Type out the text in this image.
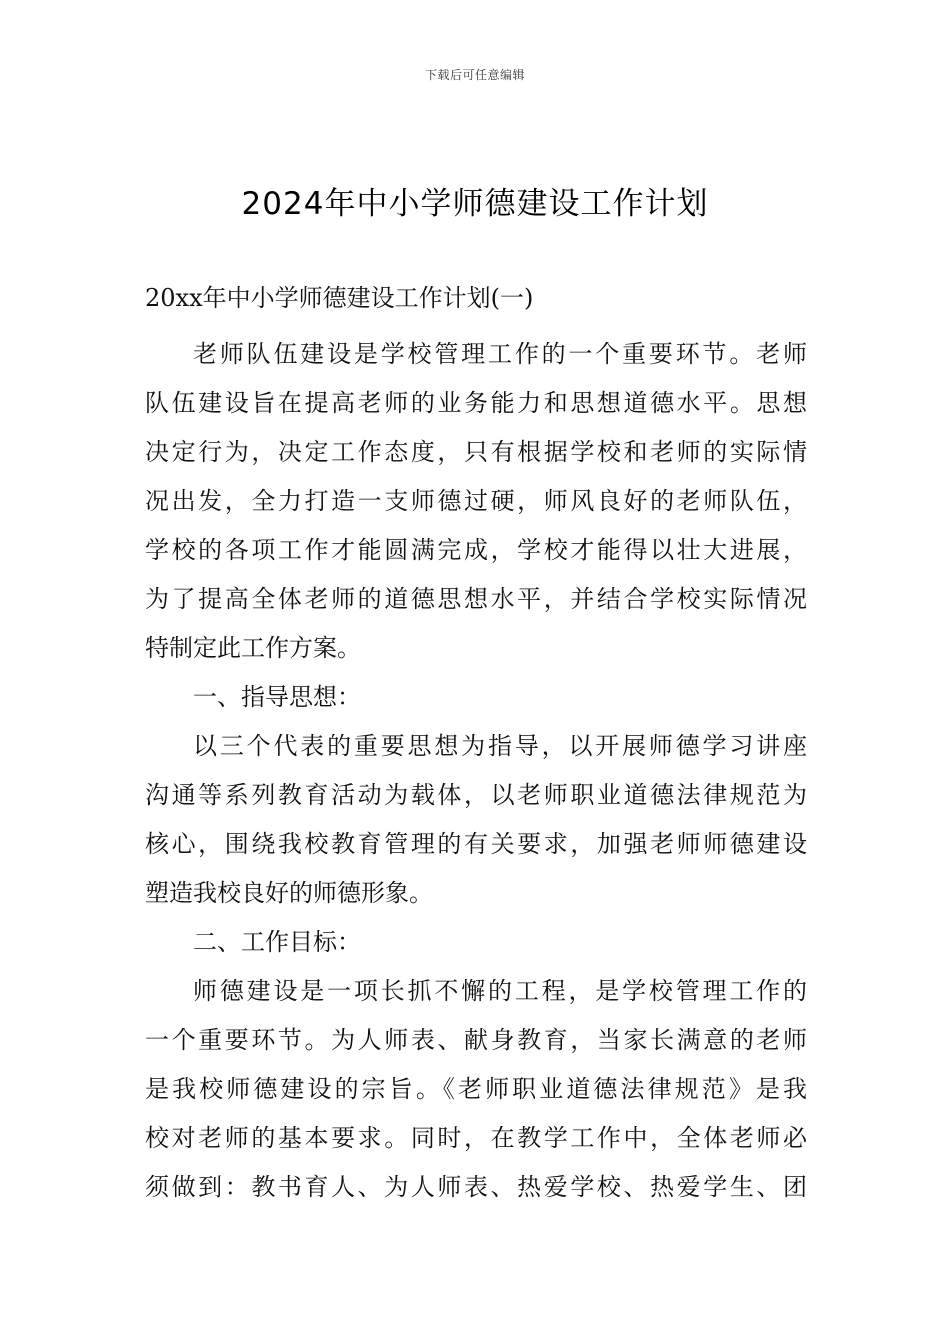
下载后可任意编辑
2024年中小学师德建设工作计划
20xx年中小学师德建设工作计划(一)
老师队伍建设是学校管理工作的一个重要环节。老师
队伍建设旨在提高老师的业务能力和思想道德水平。思想
决定行为，决定工作态度，只有根据学校和老师的实际情
况出发，全力打造一支师德过硬，师风良好的老师队伍，
学校的各项工作才能圆满完成，学校才能得以壮大进展，
为了提高全体老师的道德思想水平，并结合学校实际情况
特制定此工作方案。
一、指导思想：
以三个代表的重要思想为指导，以开展师德学习讲座
沟通等系列教育活动为载体，以老师职业道德法律规范为
核心，围绕我校教育管理的有关要求，加强老师师德建设
塑造我校良好的师德形象。
二、工作目标：
师德建设是一项长抓不懈的工程，是学校管理工作的
一个重要环节。为人师表、献身教育，当家长满意的老师
是我校师德建设的宗旨。《老师职业道德法律规范》是我
校对老师的基本要求。同时，在教学工作中，全体老师必
须做到：教书育人、为人师表、热爱学校、热爱学生、团
